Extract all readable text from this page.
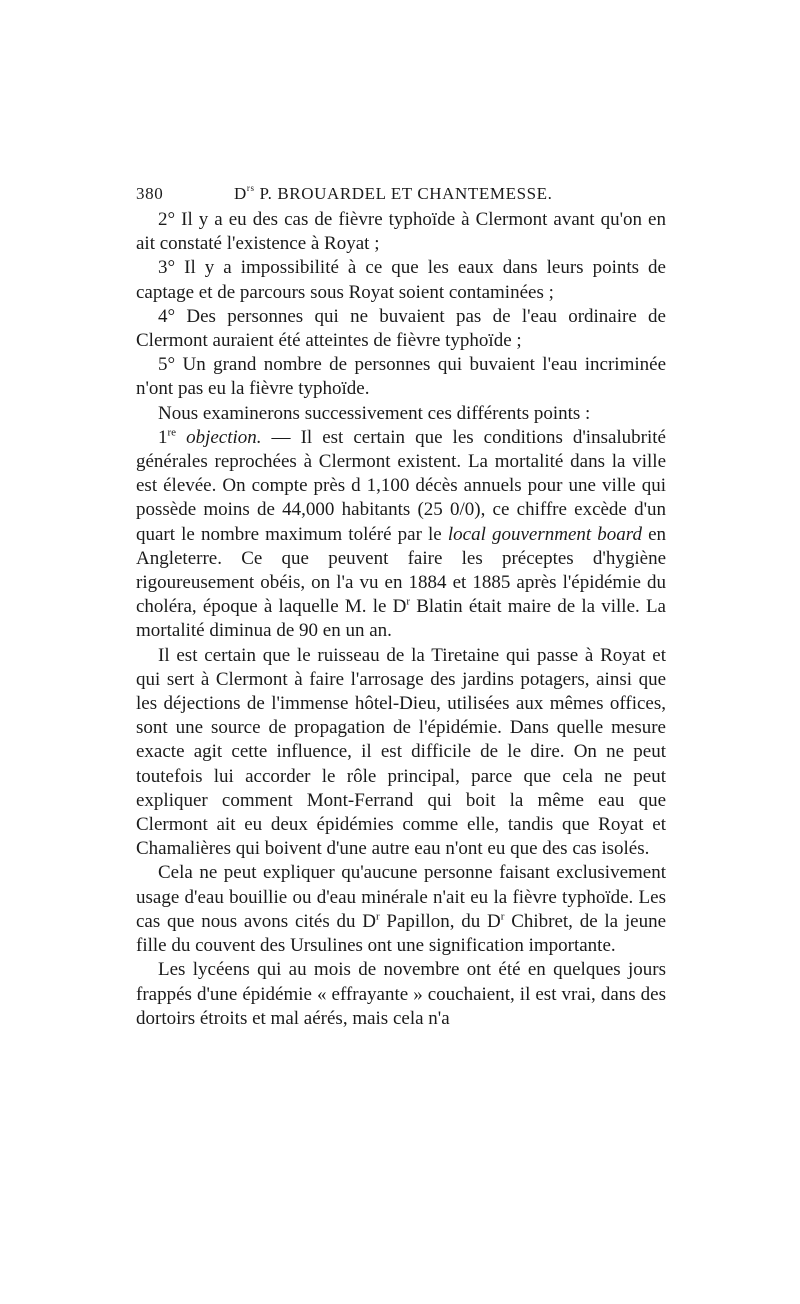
380	$D^{rs}$ P. BROUARDEL ET CHANTEMESSE.

2° Il y a eu des cas de fièvre typhoïde à Clermont avant qu'on en ait constaté l'existence à Royat ;

3° Il y a impossibilité à ce que les eaux dans leurs points de captage et de parcours sous Royat soient contaminées ;

4° Des personnes qui ne buvaient pas de l'eau ordinaire de Clermont auraient été atteintes de fièvre typhoïde ;

5° Un grand nombre de personnes qui buvaient l'eau incriminée n'ont pas eu la fièvre typhoïde.

Nous examinerons successivement ces différents points :

1re objection. — Il est certain que les conditions d'insalubrité générales reprochées à Clermont existent. La mortalité dans la ville est élevée. On compte près d 1,100 décès annuels pour une ville qui possède moins de 44,000 habitants (25 0/0), ce chiffre excède d'un quart le nombre maximum toléré par le local gouvernment board en Angleterre. Ce que peuvent faire les préceptes d'hygiène rigoureusement obéis, on l'a vu en 1884 et 1885 après l'épidémie du choléra, époque à laquelle M. le $D^r$ Blatin était maire de la ville. La mortalité diminua de 90 en un an.

Il est certain que le ruisseau de la Tiretaine qui passe à Royat et qui sert à Clermont à faire l'arrosage des jardins potagers, ainsi que les déjections de l'immense hôtel-Dieu, utilisées aux mêmes offices, sont une source de propagation de l'épidémie. Dans quelle mesure exacte agit cette influence, il est difficile de le dire. On ne peut toutefois lui accorder le rôle principal, parce que cela ne peut expliquer comment Mont-Ferrand qui boit la même eau que Clermont ait eu deux épidémies comme elle, tandis que Royat et Chamalières qui boivent d'une autre eau n'ont eu que des cas isolés.

Cela ne peut expliquer qu'aucune personne faisant exclusivement usage d'eau bouillie ou d'eau minérale n'ait eu la fièvre typhoïde. Les cas que nous avons cités du $D^r$ Papillon, du $D^r$ Chibret, de la jeune fille du couvent des Ursulines ont une signification importante.

Les lycéens qui au mois de novembre ont été en quelques jours frappés d'une épidémie « effrayante » couchaient, il est vrai, dans des dortoirs étroits et mal aérés, mais cela n'a
